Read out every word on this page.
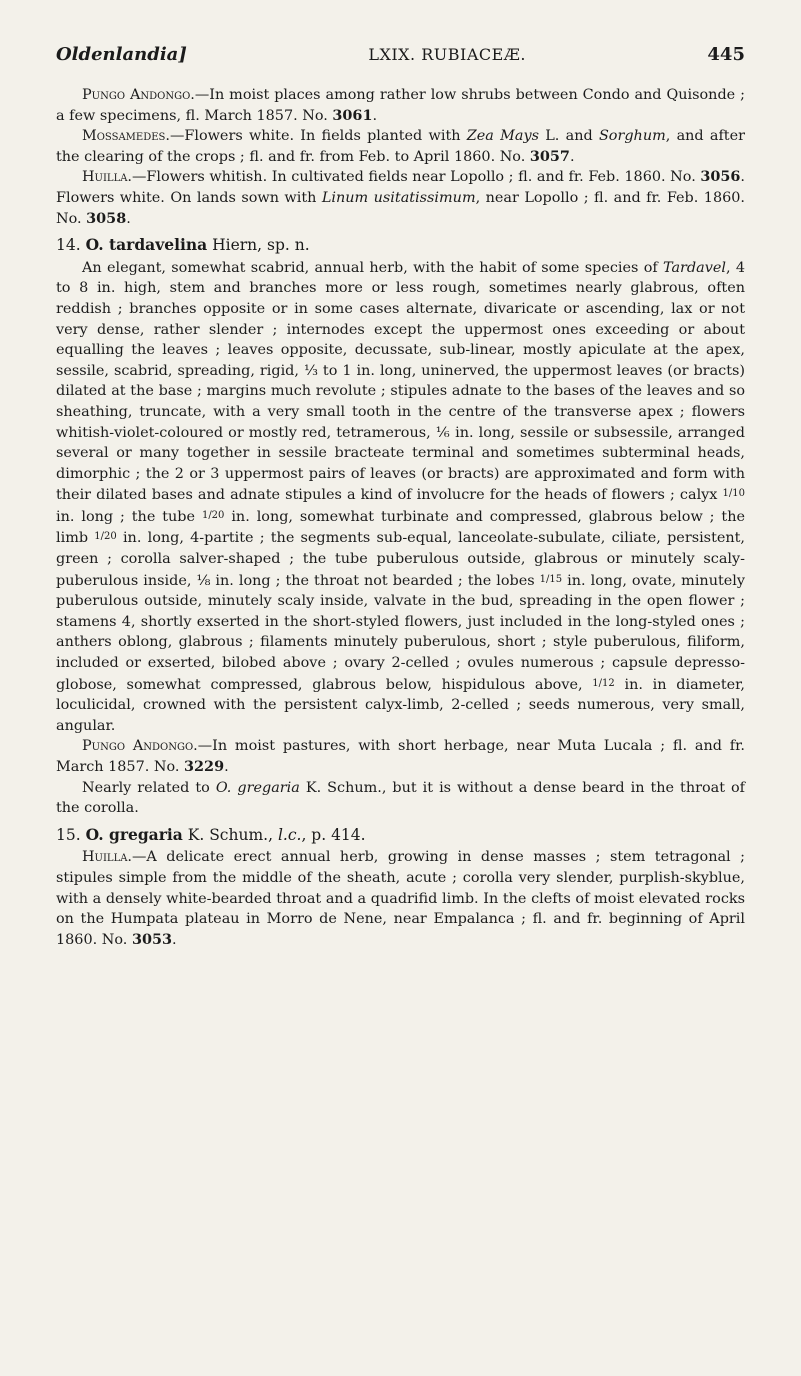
Oldenlandia]	LXIX. RUBIACEÆ.	445

Pungo Andongo.—In moist places among rather low shrubs between Condo and Quisonde ; a few specimens, fl. March 1857. No. 3061.

Mossamedes.—Flowers white. In fields planted with Zea Mays L. and Sorghum, and after the clearing of the crops ; fl. and fr. from Feb. to April 1860. No. 3057.

Huilla.—Flowers whitish. In cultivated fields near Lopollo ; fl. and fr. Feb. 1860. No. 3056. Flowers white. On lands sown with Linum usitatissimum, near Lopollo ; fl. and fr. Feb. 1860. No. 3058.

14. O. tardavelina Hiern, sp. n.

An elegant, somewhat scabrid, annual herb, with the habit of some species of Tardavel, 4 to 8 in. high, stem and branches more or less rough, sometimes nearly glabrous, often reddish ; branches opposite or in some cases alternate, divaricate or ascending, lax or not very dense, rather slender ; internodes except the uppermost ones exceeding or about equalling the leaves ; leaves opposite, decussate, sub-linear, mostly apiculate at the apex, sessile, scabrid, spreading, rigid, ⅓ to 1 in. long, uninerved, the uppermost leaves (or bracts) dilated at the base ; margins much revolute ; stipules adnate to the bases of the leaves and so sheathing, truncate, with a very small tooth in the centre of the transverse apex ; flowers whitish-violet-coloured or mostly red, tetramerous, ⅙ in. long, sessile or subsessile, arranged several or many together in sessile bracteate terminal and sometimes subterminal heads, dimorphic ; the 2 or 3 uppermost pairs of leaves (or bracts) are approximated and form with their dilated bases and adnate stipules a kind of involucre for the heads of flowers ; calyx $^{1/10}$ in. long ; the tube $^{1/20}$ in. long, somewhat turbinate and compressed, glabrous below ; the limb $^{1/20}$ in. long, 4-partite ; the segments sub-equal, lanceolate-subulate, ciliate, persistent, green ; corolla salver-shaped ; the tube puberulous outside, glabrous or minutely scaly-puberulous inside, ⅛ in. long ; the throat not bearded ; the lobes $^{1/15}$ in. long, ovate, minutely puberulous outside, minutely scaly inside, valvate in the bud, spreading in the open flower ; stamens 4, shortly exserted in the short-styled flowers, just included in the long-styled ones ; anthers oblong, glabrous ; filaments minutely puberulous, short ; style puberulous, filiform, included or exserted, bilobed above ; ovary 2-celled ; ovules numerous ; capsule depresso-globose, somewhat compressed, glabrous below, hispidulous above, $^{1/12}$ in. in diameter, loculicidal, crowned with the persistent calyx-limb, 2-celled ; seeds numerous, very small, angular.

Pungo Andongo.—In moist pastures, with short herbage, near Muta Lucala ; fl. and fr. March 1857. No. 3229.

Nearly related to O. gregaria K. Schum., but it is without a dense beard in the throat of the corolla.

15. O. gregaria K. Schum., l.c., p. 414.

Huilla.—A delicate erect annual herb, growing in dense masses ; stem tetragonal ; stipules simple from the middle of the sheath, acute ; corolla very slender, purplish-skyblue, with a densely white-bearded throat and a quadrifid limb. In the clefts of moist elevated rocks on the Humpata plateau in Morro de Nene, near Empalanca ; fl. and fr. beginning of April 1860. No. 3053.
